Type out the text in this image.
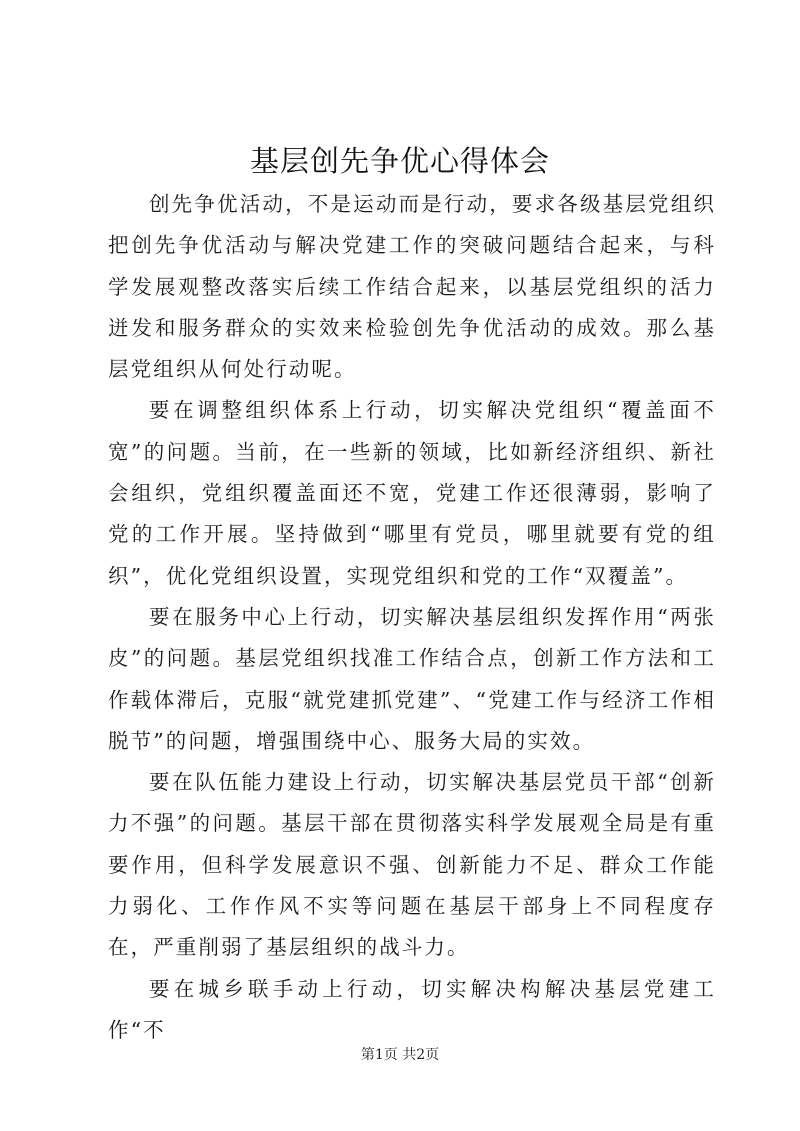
基层创先争优心得体会

创先争优活动，不是运动而是行动，要求各级基层党组织把创先争优活动与解决党建工作的突破问题结合起来，与科学发展观整改落实后续工作结合起来，以基层党组织的活力迸发和服务群众的实效来检验创先争优活动的成效。那么基层党组织从何处行动呢。

要在调整组织体系上行动，切实解决党组织“覆盖面不宽”的问题。当前，在一些新的领域，比如新经济组织、新社会组织，党组织覆盖面还不宽，党建工作还很薄弱，影响了党的工作开展。坚持做到“哪里有党员，哪里就要有党的组织”，优化党组织设置，实现党组织和党的工作“双覆盖”。

要在服务中心上行动，切实解决基层组织发挥作用“两张皮”的问题。基层党组织找准工作结合点，创新工作方法和工作载体滞后，克服“就党建抓党建”、“党建工作与经济工作相脱节”的问题，增强围绕中心、服务大局的实效。

要在队伍能力建设上行动，切实解决基层党员干部“创新力不强”的问题。基层干部在贯彻落实科学发展观全局是有重要作用，但科学发展意识不强、创新能力不足、群众工作能力弱化、工作作风不实等问题在基层干部身上不同程度存在，严重削弱了基层组织的战斗力。

要在城乡联手动上行动，切实解决构解决基层党建工作“不

第1页 共2页
